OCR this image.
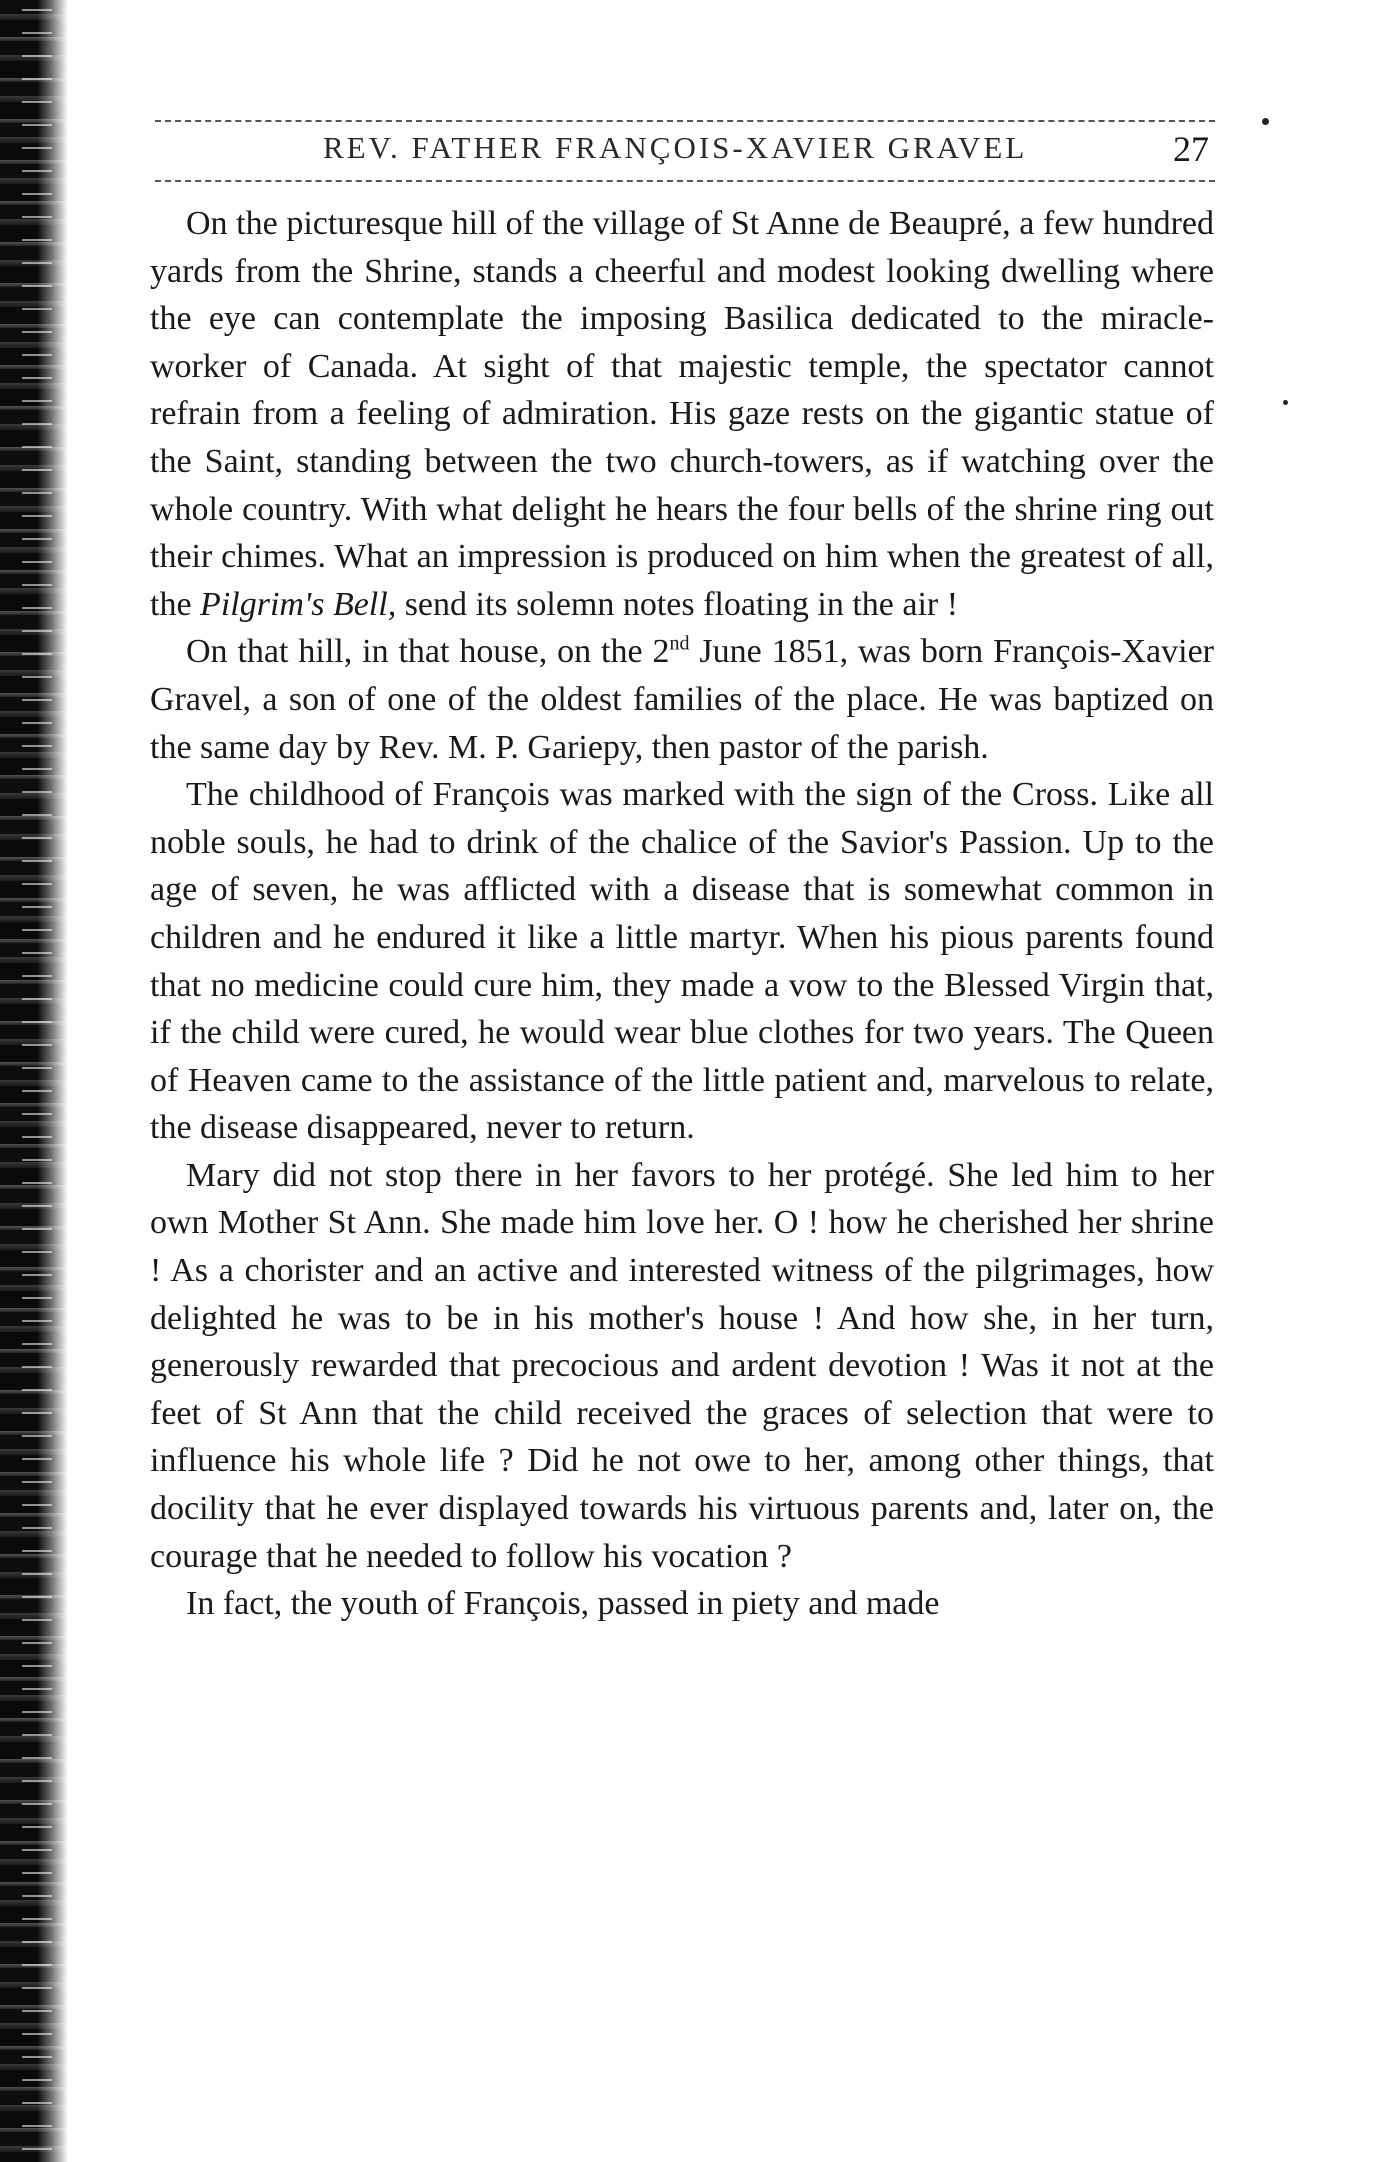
REV. FATHER FRANÇOIS-XAVIER GRAVEL	27

On the picturesque hill of the village of St Anne de Beaupré, a few hundred yards from the Shrine, stands a cheerful and modest looking dwelling where the eye can contemplate the imposing Basilica dedicated to the miracle-worker of Canada. At sight of that majestic temple, the spectator cannot refrain from a feeling of admiration. His gaze rests on the gigantic statue of the Saint, standing between the two church-towers, as if watching over the whole country. With what delight he hears the four bells of the shrine ring out their chimes. What an impression is produced on him when the greatest of all, the Pilgrim's Bell, send its solemn notes floating in the air !

On that hill, in that house, on the 2nd June 1851, was born François-Xavier Gravel, a son of one of the oldest families of the place. He was baptized on the same day by Rev. M. P. Gariepy, then pastor of the parish.

The childhood of François was marked with the sign of the Cross. Like all noble souls, he had to drink of the chalice of the Savior's Passion. Up to the age of seven, he was afflicted with a disease that is somewhat common in children and he endured it like a little martyr. When his pious parents found that no medicine could cure him, they made a vow to the Blessed Virgin that, if the child were cured, he would wear blue clothes for two years. The Queen of Heaven came to the assistance of the little patient and, marvelous to relate, the disease disappeared, never to return.

Mary did not stop there in her favors to her protégé. She led him to her own Mother St Ann. She made him love her. O ! how he cherished her shrine ! As a chorister and an active and interested witness of the pilgrimages, how delighted he was to be in his mother's house ! And how she, in her turn, generously rewarded that precocious and ardent devotion ! Was it not at the feet of St Ann that the child received the graces of selection that were to influence his whole life ? Did he not owe to her, among other things, that docility that he ever displayed towards his virtuous parents and, later on, the courage that he needed to follow his vocation ?

In fact, the youth of François, passed in piety and made
